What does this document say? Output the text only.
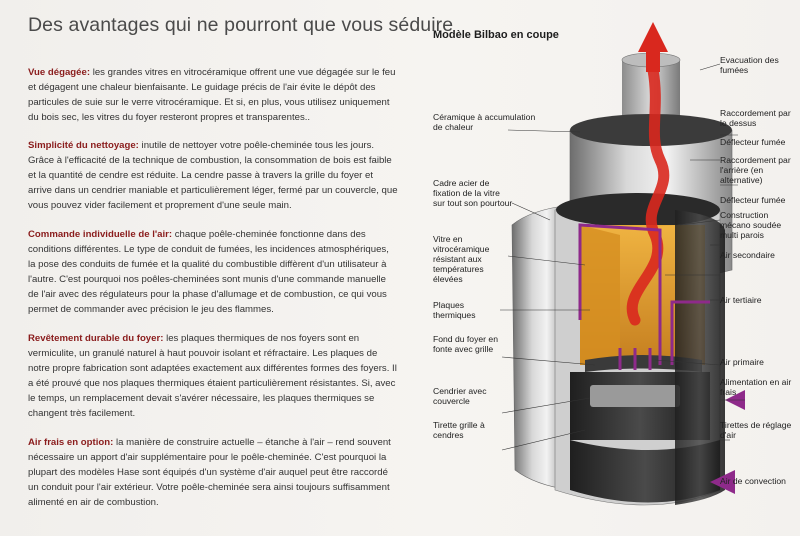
Des avantages qui ne pourront que vous séduire

Vue dégagée: les grandes vitres en vitrocéramique offrent une vue dégagée sur le feu et dégagent une chaleur bienfaisante. Le guidage précis de l'air évite le dépôt des particules de suie sur le verre vitrocéramique. Et si, en plus, vous utilisez uniquement du bois sec, les vitres du foyer resteront propres et transparentes..

Simplicité du nettoyage: inutile de nettoyer votre poêle-cheminée tous les jours. Grâce à l'efficacité de la technique de combustion, la consommation de bois est faible et la quantité de cendre est réduite. La cendre passe à travers la grille du foyer et arrive dans un cendrier maniable et particulièrement léger, fermé par un couvercle, que vous pouvez vider facilement et proprement d'une seule main.

Commande individuelle de l'air: chaque poêle-cheminée fonctionne dans des conditions différentes. Le type de conduit de fumées, les incidences atmosphériques, la pose des conduits de fumée et la qualité du combustible diffèrent d'un utilisateur à l'autre. C'est pourquoi nos poêles-cheminées sont munis d'une commande manuelle de l'air avec des régulateurs pour la phase d'allumage et de combustion, ce qui vous permet de commander avec précision le jeu des flammes.

Revêtement durable du foyer: les plaques thermiques de nos foyers sont en vermiculite, un granulé naturel à haut pouvoir isolant et réfractaire. Les plaques de notre propre fabrication sont adaptées exactement aux différentes formes des foyers. Il a été prouvé que nos plaques thermiques étaient particulièrement résistantes. Si, avec le temps, un remplacement devait s'avérer nécessaire, les plaques thermiques se changent très facilement.

Air frais en option: la manière de construire actuelle – étanche à l'air – rend souvent nécessaire un apport d'air supplémentaire pour le poêle-cheminée. C'est pourquoi la plupart des modèles Hase sont équipés d'un système d'air auquel peut être raccordé un conduit pour l'air extérieur. Votre poêle-cheminée sera ainsi toujours suffisamment alimenté en air de combustion.

Modèle Bilbao en coupe
Céramique à accumulation de chaleur
Cadre acier de fixation de la vitre sur tout son pourtour
Vitre en vitrocéramique résistant aux températures élevées
Plaques thermiques
Fond du foyer en fonte avec grille
Cendrier avec couvercle
Tirette grille à cendres
Evacuation des fumées
Raccordement par le dessus
Déflecteur fumée
Raccordement par l'arrière (en alternative)
Déflecteur fumée
Construction mécano soudée multi parois
Air secondaire
Air tertiaire
Air primaire
Alimentation en air frais
Tirettes de réglage d'air
Air de convection
